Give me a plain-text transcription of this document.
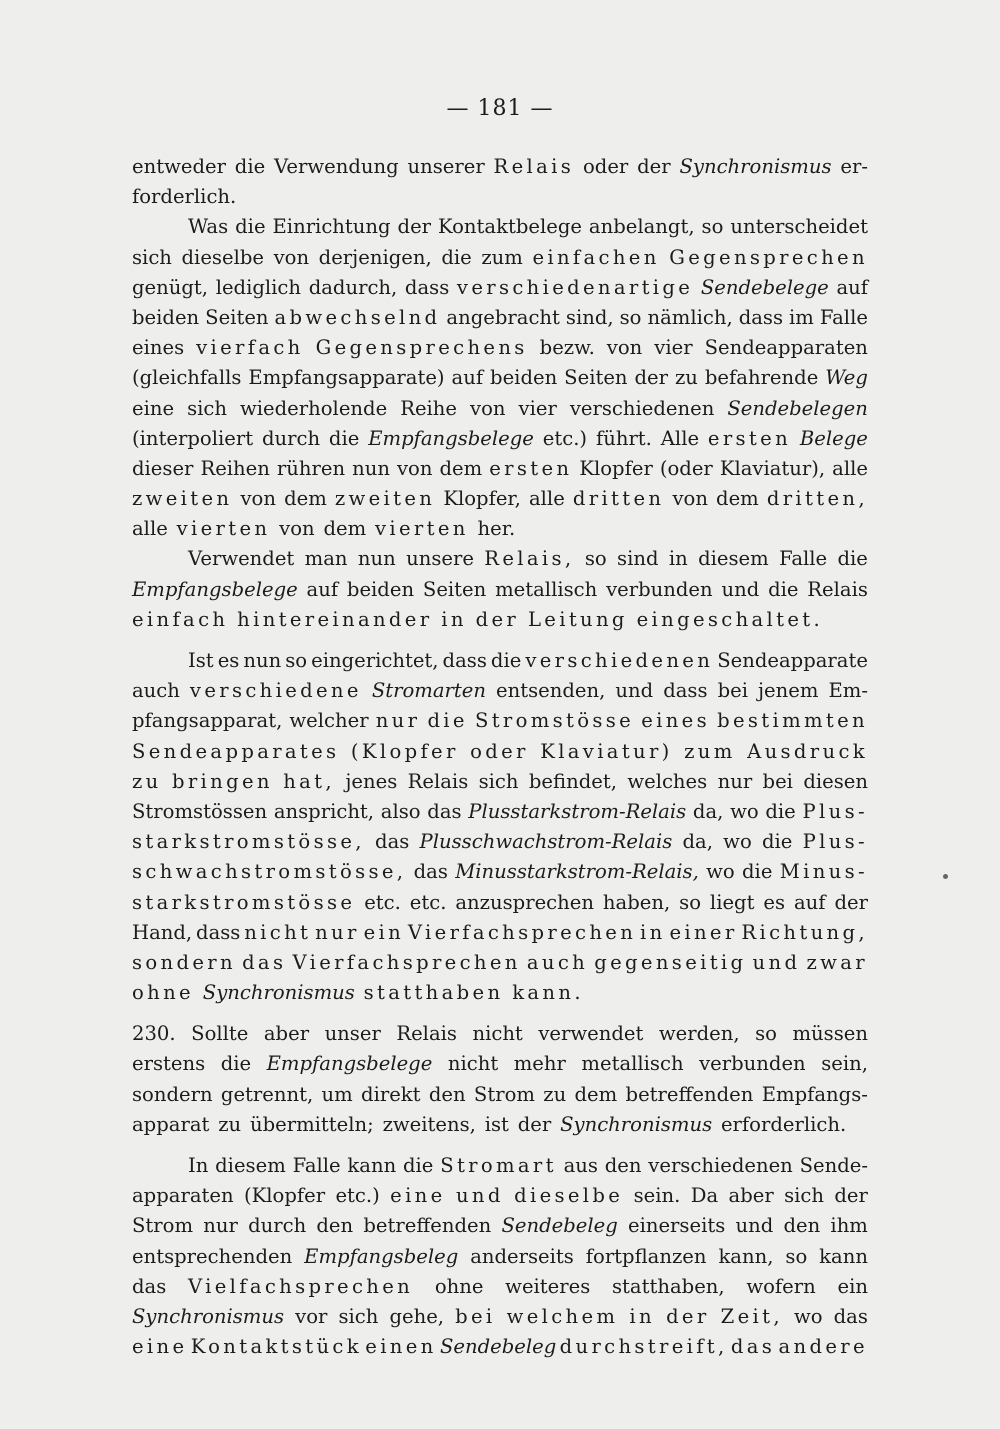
— 181 —
entweder die Verwendung unserer Relais oder der Synchronismus er-
forderlich.
Was die Einrichtung der Kontaktbelege anbelangt, so unterscheidet
sich dieselbe von derjenigen, die zum einfachen Gegensprechen
genügt, lediglich dadurch, dass verschiedenartige Sendebelege auf
beiden Seiten abwechselnd angebracht sind, so nämlich, dass im Falle
eines vierfach Gegensprechens bezw. von vier Sendeapparaten
(gleichfalls Empfangsapparate) auf beiden Seiten der zu befahrende Weg
eine sich wiederholende Reihe von vier verschiedenen Sendebelegen
(interpoliert durch die Empfangsbelege etc.) führt. Alle ersten Belege
dieser Reihen rühren nun von dem ersten Klopfer (oder Klaviatur), alle
zweiten von dem zweiten Klopfer, alle dritten von dem dritten,
alle vierten von dem vierten her.
Verwendet man nun unsere Relais, so sind in diesem Falle die
Empfangsbelege auf beiden Seiten metallisch verbunden und die Relais
einfach hintereinander in der Leitung eingeschaltet.
Ist es nun so eingerichtet, dass die verschiedenen Sendeapparate
auch verschiedene Stromarten entsenden, und dass bei jenem Em-
pfangsapparat, welcher nur die Stromstösse eines bestimmten
Sendeapparates (Klopfer oder Klaviatur) zum Ausdruck
zu bringen hat, jenes Relais sich befindet, welches nur bei diesen
Stromstössen anspricht, also das Plusstarkstrom-Relais da, wo die Plus-
starkstromstösse, das Plusschwachstrom-Relais da, wo die Plus-
schwachstromstösse, das Minusstarkstrom-Relais, wo die Minus-
starkstromstösse etc. etc. anzusprechen haben, so liegt es auf der
Hand, dass nicht nur ein Vierfachsprechen in einer Richtung,
sondern das Vierfachsprechen auch gegenseitig und zwar
ohne Synchronismus statthaben kann.
230. Sollte aber unser Relais nicht verwendet werden, so müssen
erstens die Empfangsbelege nicht mehr metallisch verbunden sein,
sondern getrennt, um direkt den Strom zu dem betreffenden Empfangs-
apparat zu übermitteln; zweitens, ist der Synchronismus erforderlich.
In diesem Falle kann die Stromart aus den verschiedenen Sende-
apparaten (Klopfer etc.) eine und dieselbe sein. Da aber sich der
Strom nur durch den betreffenden Sendebeleg einerseits und den ihm
entsprechenden Empfangsbeleg anderseits fortpflanzen kann, so kann
das Vielfachsprechen ohne weiteres statthaben, wofern ein
Synchronismus vor sich gehe, bei welchem in der Zeit, wo das
eine Kontaktstück einen Sendebeleg durchstreift, das andere
